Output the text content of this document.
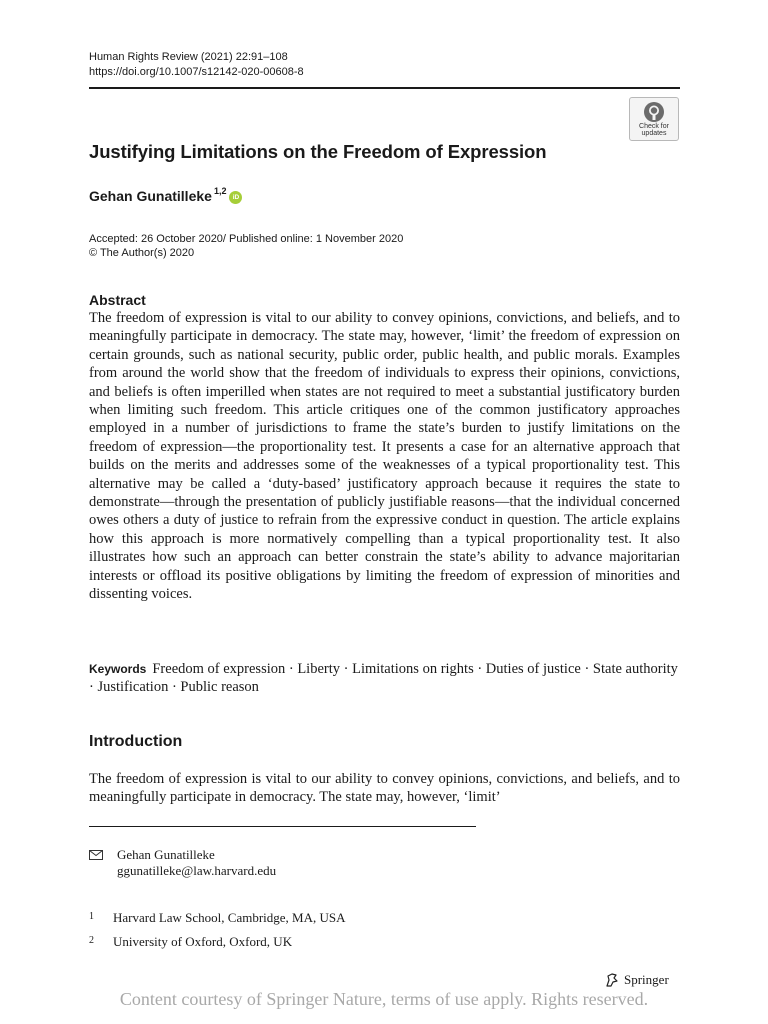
Human Rights Review (2021) 22:91–108
https://doi.org/10.1007/s12142-020-00608-8
Check for
updates
Justifying Limitations on the Freedom of Expression
Gehan Gunatilleke$^{1,2}$
iD
Accepted: 26 October 2020/ Published online: 1 November 2020
© The Author(s) 2020
Abstract

The freedom of expression is vital to our ability to convey opinions, convictions, and beliefs, and to meaningfully participate in democracy. The state may, however, ‘limit’ the freedom of expression on certain grounds, such as national security, public order, public health, and public morals. Examples from around the world show that the freedom of individuals to express their opinions, convictions, and beliefs is often imperilled when states are not required to meet a substantial justificatory burden when limiting such freedom. This article critiques one of the common justificatory approaches employed in a number of jurisdictions to frame the state’s burden to justify limitations on the freedom of expression—the proportionality test. It presents a case for an alternative approach that builds on the merits and addresses some of the weaknesses of a typical proportionality test. This alternative may be called a ‘duty-based’ justificatory approach because it requires the state to demonstrate—through the presentation of publicly justifiable reasons—that the individual concerned owes others a duty of justice to refrain from the expressive conduct in question. The article explains how this approach is more normatively compelling than a typical proportionality test. It also illustrates how such an approach can better constrain the state’s ability to advance majoritarian interests or offload its positive obligations by limiting the freedom of expression of minorities and dissenting voices.

Keywords Freedom of expression · Liberty · Limitations on rights · Duties of justice · State authority · Justification · Public reason

Introduction

The freedom of expression is vital to our ability to convey opinions, convictions, and beliefs, and to meaningfully participate in democracy. The state may, however, ‘limit’

Gehan Gunatilleke
ggunatilleke@law.harvard.edu
1 Harvard Law School, Cambridge, MA, USA
2 University of Oxford, Oxford, UK
Springer
Content courtesy of Springer Nature, terms of use apply. Rights reserved.
